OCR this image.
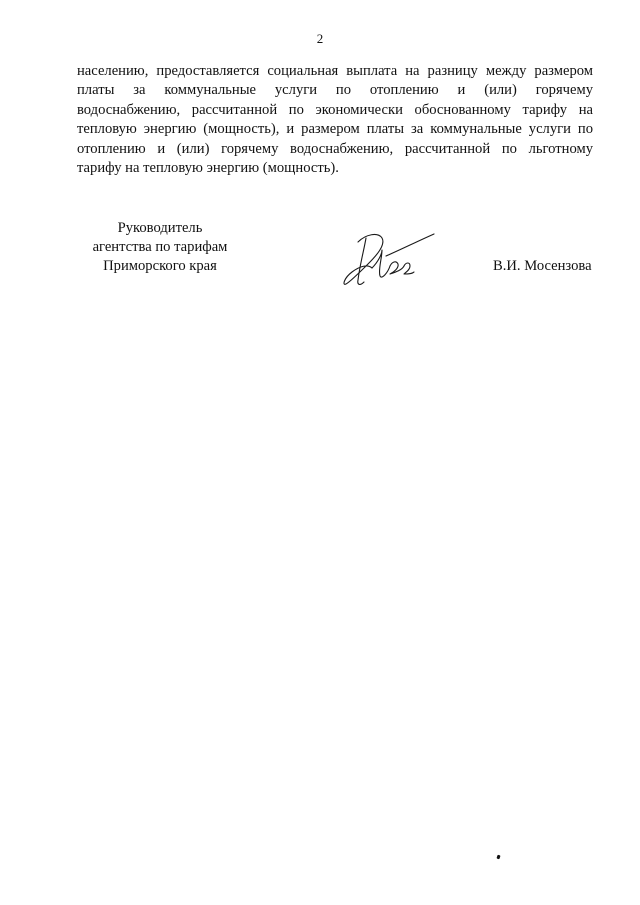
2
населению, предоставляется социальная выплата на разницу между размером
платы за коммунальные услуги по отоплению и (или) горячему
водоснабжению, рассчитанной по экономически обоснованному тарифу на
тепловую энергию (мощность), и размером платы за коммунальные услуги по
отоплению и (или) горячему водоснабжению, рассчитанной по льготному
тарифу на тепловую энергию (мощность).
Руководитель
агентства по тарифам
Приморского края	В.И. Мосензова
